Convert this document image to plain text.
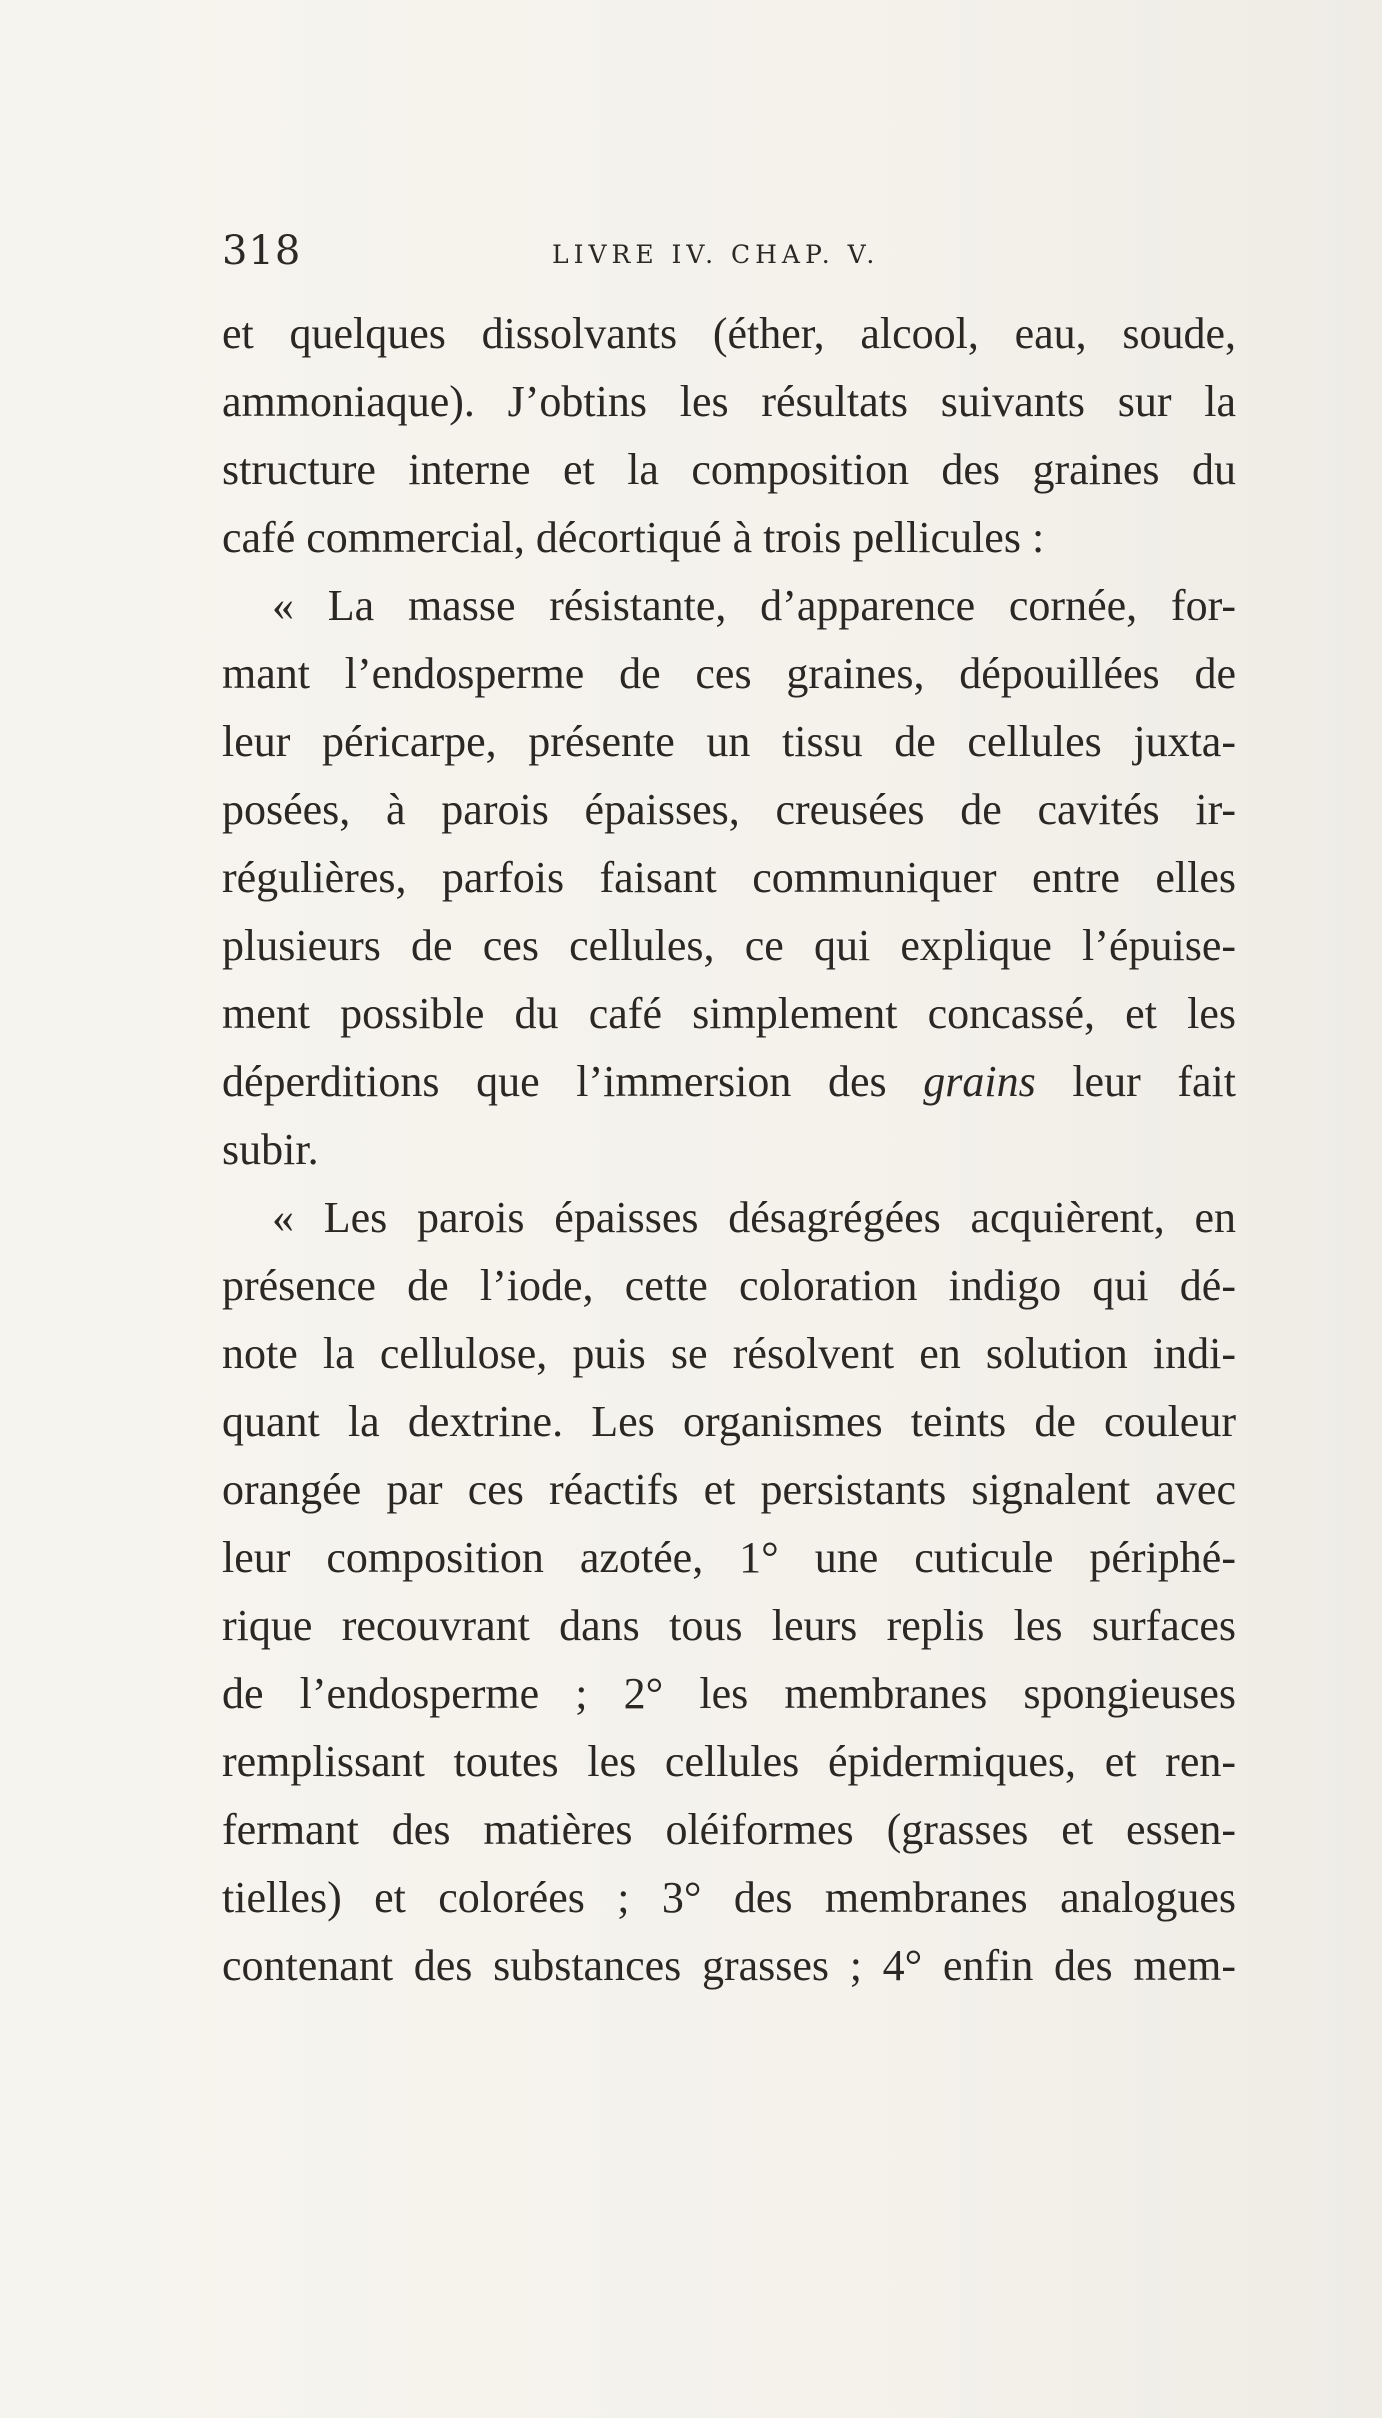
318	LIVRE IV. CHAP. V.
et quelques dissolvants (éther, alcool, eau, soude,
ammoniaque). J’obtins les résultats suivants sur la
structure interne et la composition des graines du
café commercial, décortiqué à trois pellicules :
« La masse résistante, d’apparence cornée, for-
mant l’endosperme de ces graines, dépouillées de
leur péricarpe, présente un tissu de cellules juxta-
posées, à parois épaisses, creusées de cavités ir-
régulières, parfois faisant communiquer entre elles
plusieurs de ces cellules, ce qui explique l’épuise-
ment possible du café simplement concassé, et les
déperditions que l’immersion des grains leur fait
subir.
« Les parois épaisses désagrégées acquièrent, en
présence de l’iode, cette coloration indigo qui dé-
note la cellulose, puis se résolvent en solution indi-
quant la dextrine. Les organismes teints de couleur
orangée par ces réactifs et persistants signalent avec
leur composition azotée, 1° une cuticule périphé-
rique recouvrant dans tous leurs replis les surfaces
de l’endosperme ; 2° les membranes spongieuses
remplissant toutes les cellules épidermiques, et ren-
fermant des matières oléiformes (grasses et essen-
tielles) et colorées ; 3° des membranes analogues
contenant des substances grasses ; 4° enfin des mem-
